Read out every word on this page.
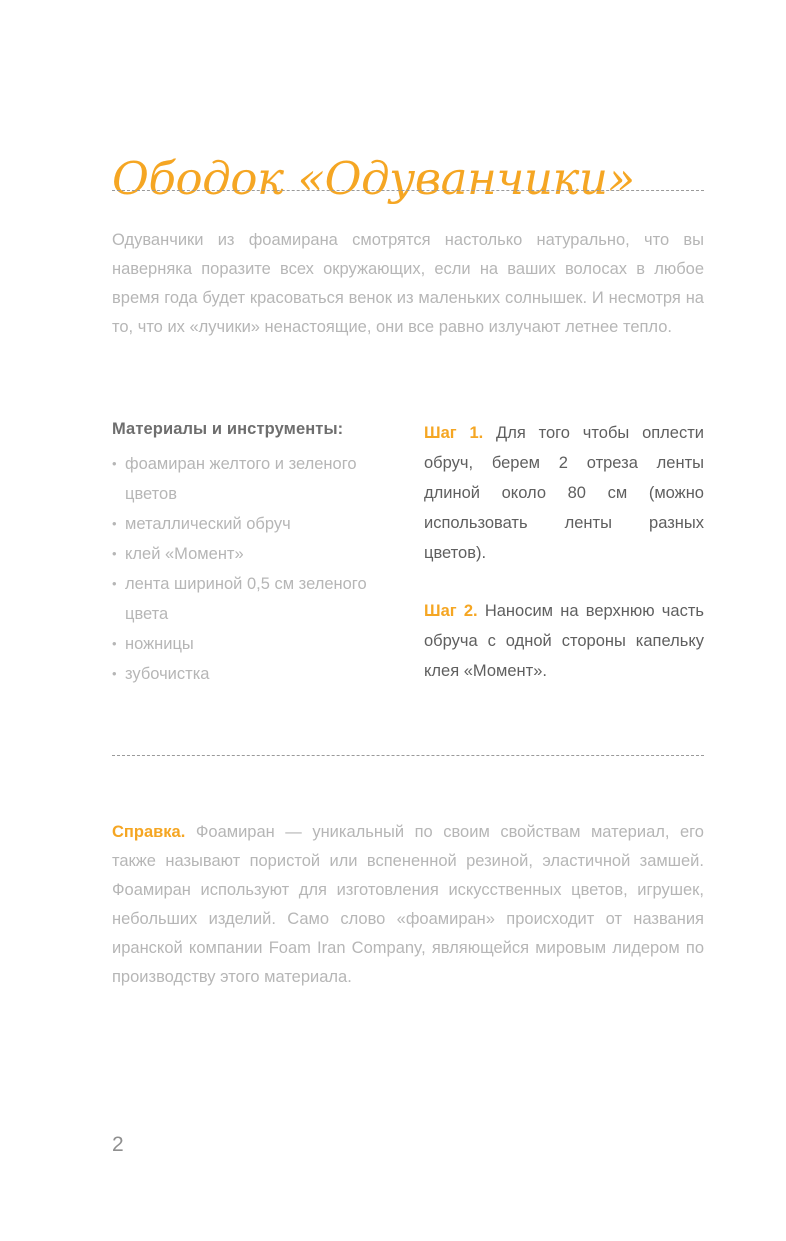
Ободок «Одуванчики»

Одуванчики из фоамирана смотрятся настолько натурально, что вы наверняка поразите всех окружающих, если на ваших волосах в любое время года будет красоваться венок из маленьких солнышек. И несмотря на то, что их «лучики» ненастоящие, они все равно излучают летнее тепло.

Материалы и инструменты:
• фоамиран желтого и зеленого цветов
• металлический обруч
• клей «Момент»
• лента шириной 0,5 см зеленого цвета
• ножницы
• зубочистка

Шаг 1. Для того чтобы оплести обруч, берем 2 отреза ленты длиной около 80 см (можно использовать ленты разных цветов).

Шаг 2. Наносим на верхнюю часть обруча с одной стороны капельку клея «Момент».

Справка. Фоамиран — уникальный по своим свойствам материал, его также называют пористой или вспененной резиной, эластичной замшей. Фоамиран используют для изготовления искусственных цветов, игрушек, небольших изделий. Само слово «фоамиран» происходит от названия иранской компании Foam Iran Company, являющейся мировым лидером по производству этого материала.

2
